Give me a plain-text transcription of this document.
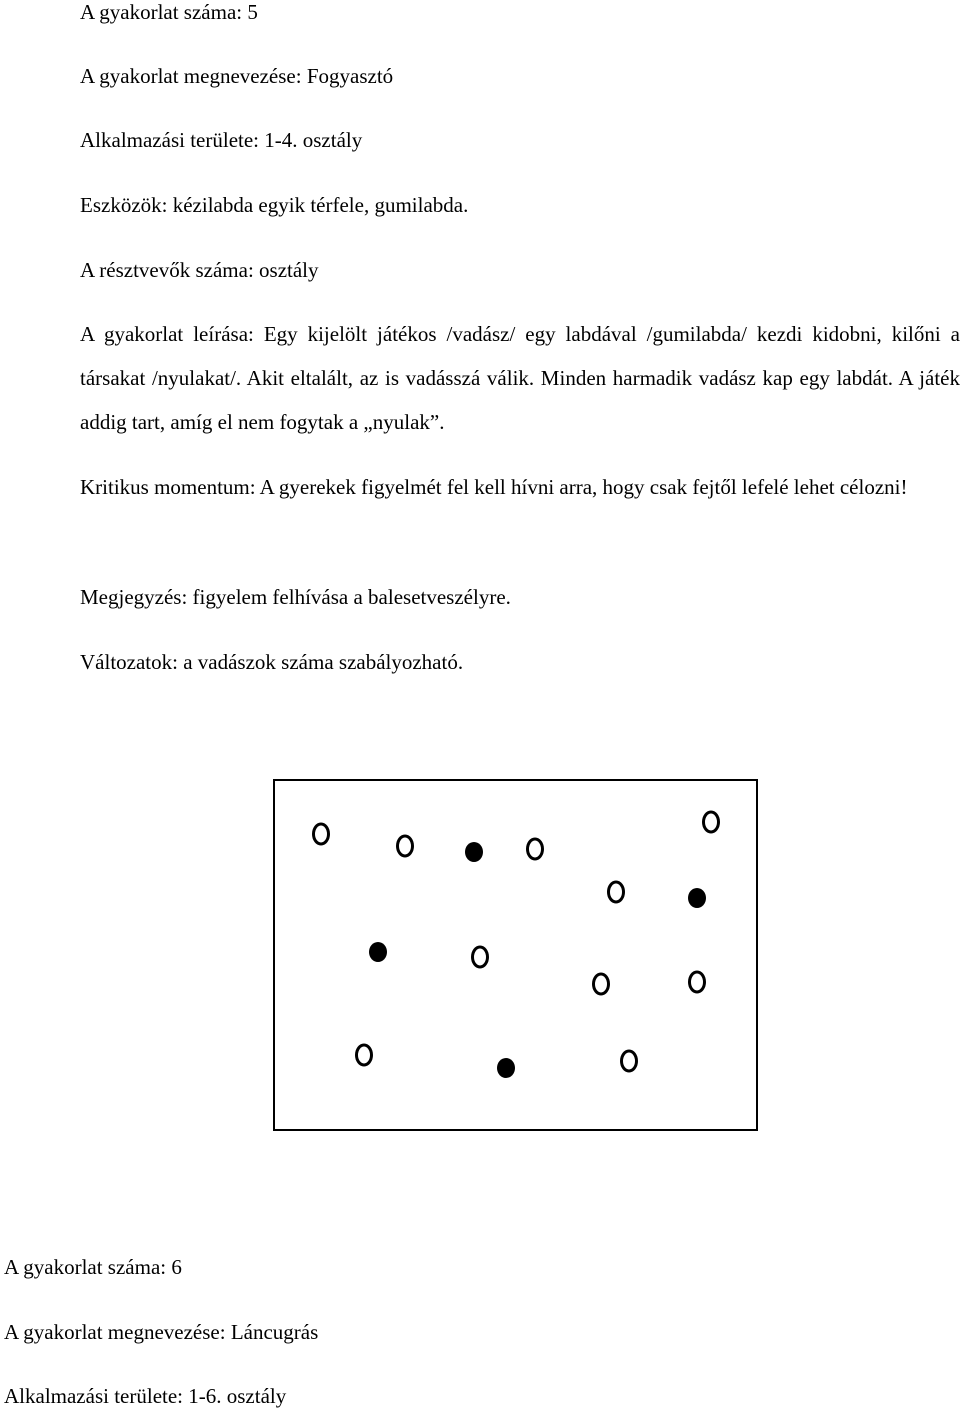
A gyakorlat száma: 5
A gyakorlat megnevezése: Fogyasztó
Alkalmazási területe: 1-4. osztály
Eszközök: kézilabda egyik térfele, gumilabda.
A résztvevők száma: osztály
A gyakorlat leírása: Egy kijelölt játékos /vadász/ egy labdával /gumilabda/ kezdi kidobni, kilőni a társakat /nyulakat/. Akit eltalált, az is vadásszá válik. Minden harmadik vadász kap egy labdát. A játék addig tart, amíg el nem fogytak a „nyulak”.
Kritikus momentum: A gyerekek figyelmét fel kell hívni arra, hogy csak fejtől lefelé lehet célozni!
Megjegyzés: figyelem felhívása a balesetveszélyre.
Változatok: a vadászok száma szabályozható.
A gyakorlat száma: 6
A gyakorlat megnevezése: Láncugrás
Alkalmazási területe: 1-6. osztály
